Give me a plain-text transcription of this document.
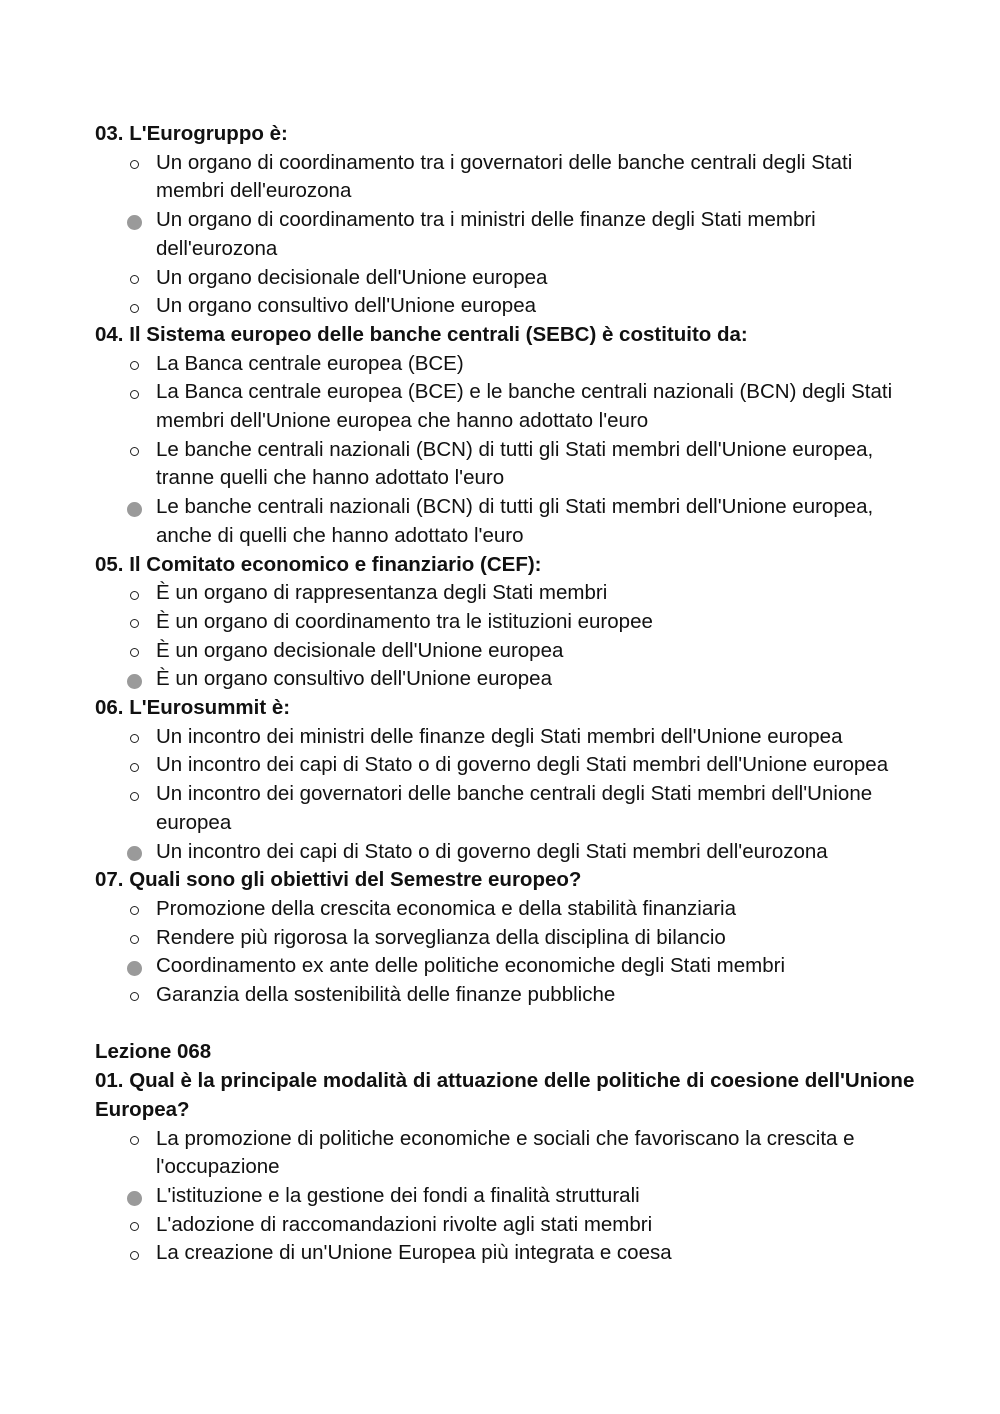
03. L'Eurogruppo è:
Un organo di coordinamento tra i governatori delle banche centrali degli Stati membri dell'eurozona
Un organo di coordinamento tra i ministri delle finanze degli Stati membri dell'eurozona
Un organo decisionale dell'Unione europea
Un organo consultivo dell'Unione europea
04. Il Sistema europeo delle banche centrali (SEBC) è costituito da:
La Banca centrale europea (BCE)
La Banca centrale europea (BCE) e le banche centrali nazionali (BCN) degli Stati membri dell'Unione europea che hanno adottato l'euro
Le banche centrali nazionali (BCN) di tutti gli Stati membri dell'Unione europea, tranne quelli che hanno adottato l'euro
Le banche centrali nazionali (BCN) di tutti gli Stati membri dell'Unione europea, anche di quelli che hanno adottato l'euro
05. Il Comitato economico e finanziario (CEF):
È un organo di rappresentanza degli Stati membri
È un organo di coordinamento tra le istituzioni europee
È un organo decisionale dell'Unione europea
È un organo consultivo dell'Unione europea
06. L'Eurosummit è:
Un incontro dei ministri delle finanze degli Stati membri dell'Unione europea
Un incontro dei capi di Stato o di governo degli Stati membri dell'Unione europea
Un incontro dei governatori delle banche centrali degli Stati membri dell'Unione europea
Un incontro dei capi di Stato o di governo degli Stati membri dell'eurozona
07. Quali sono gli obiettivi del Semestre europeo?
Promozione della crescita economica e della stabilità finanziaria
Rendere più rigorosa la sorveglianza della disciplina di bilancio
Coordinamento ex ante delle politiche economiche degli Stati membri
Garanzia della sostenibilità delle finanze pubbliche
Lezione 068
01. Qual è la principale modalità di attuazione delle politiche di coesione dell'Unione Europea?
La promozione di politiche economiche e sociali che favoriscano la crescita e l'occupazione
L'istituzione e la gestione dei fondi a finalità strutturali
L'adozione di raccomandazioni rivolte agli stati membri
La creazione di un'Unione Europea più integrata e coesa
